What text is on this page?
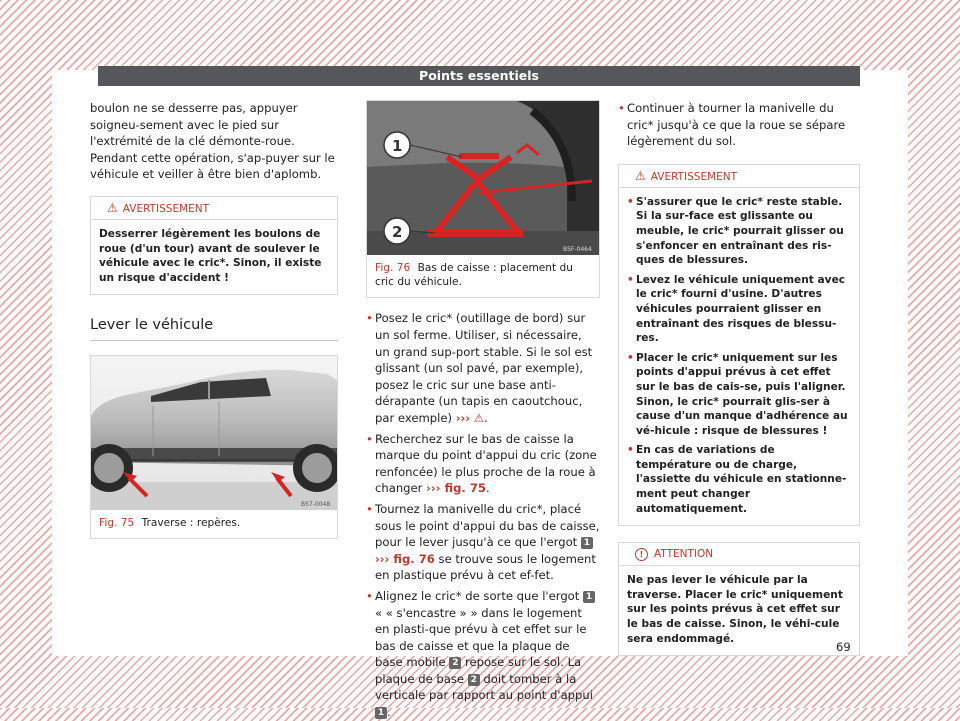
Points essentiels

boulon ne se desserre pas, appuyer soigneu-sement avec le pied sur l'extrémité de la clé démonte-roue. Pendant cette opération, s'ap-puyer sur le véhicule et veiller à être bien d'aplomb.

⚠ AVERTISSEMENT
Desserrer légèrement les boulons de roue (d'un tour) avant de soulever le véhicule avec le cric*. Sinon, il existe un risque d'accident !
Lever le véhicule
B57-0048
Fig. 75 Traverse : repères.
1
2
B5F-0464
Fig. 76 Bas de caisse : placement du cric du véhicule.

• Posez le cric* (outillage de bord) sur un sol ferme. Utiliser, si nécessaire, un grand sup-port stable. Si le sol est glissant (un sol pavé, par exemple), posez le cric sur une base anti-dérapante (un tapis en caoutchouc, par exemple) ››› ⚠.

• Recherchez sur le bas de caisse la marque du point d'appui du cric (zone renfoncée) le plus proche de la roue à changer ››› fig. 75.

• Tournez la manivelle du cric*, placé sous le point d'appui du bas de caisse, pour le lever jusqu'à ce que l'ergot 1 ››› fig. 76 se trouve sous le logement en plastique prévu à cet ef-fet.

• Alignez le cric* de sorte que l'ergot 1 « « s'encastre » » dans le logement en plasti-que prévu à cet effet sur le bas de caisse et que la plaque de base mobile 2 repose sur le sol. La plaque de base 2 doit tomber à la verticale par rapport au point d'appui 1 .

• Continuer à tourner la manivelle du cric* jusqu'à ce que la roue se sépare légèrement du sol.

⚠ AVERTISSEMENT
• S'assurer que le cric* reste stable. Si la sur-face est glissante ou meuble, le cric* pourrait glisser ou s'enfoncer en entraînant des ris-ques de blessures.
• Levez le véhicule uniquement avec le cric* fourni d'usine. D'autres véhicules pourraient glisser en entraînant des risques de blessu-res.
• Placer le cric* uniquement sur les points d'appui prévus à cet effet sur le bas de cais-se, puis l'aligner. Sinon, le cric* pourrait glis-ser à cause d'un manque d'adhérence au vé-hicule : risque de blessures !
• En cas de variations de température ou de charge, l'assiette du véhicule en stationne-ment peut changer automatiquement.
! ATTENTION
Ne pas lever le véhicule par la traverse. Placer le cric* uniquement sur les points prévus à cet effet sur le bas de caisse. Sinon, le véhi-cule sera endommagé.
69
